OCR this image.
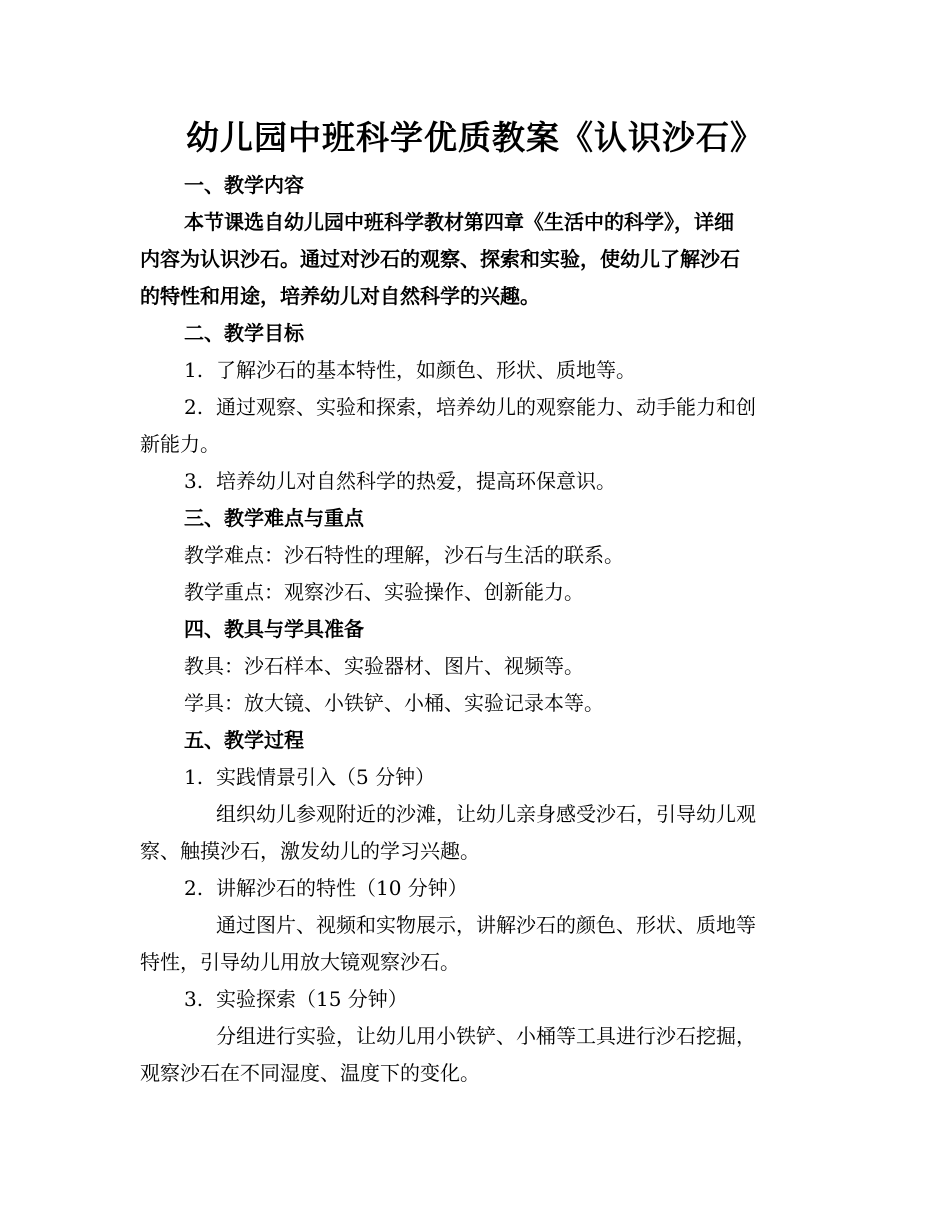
幼儿园中班科学优质教案《认识沙石》
一、教学内容
本节课选自幼儿园中班科学教材第四章《生活中的科学》，详细
内容为认识沙石。通过对沙石的观察、探索和实验，使幼儿了解沙石
的特性和用途，培养幼儿对自然科学的兴趣。
二、教学目标
1. 了解沙石的基本特性，如颜色、形状、质地等。
2. 通过观察、实验和探索，培养幼儿的观察能力、动手能力和创
新能力。
3. 培养幼儿对自然科学的热爱，提高环保意识。
三、教学难点与重点
教学难点：沙石特性的理解，沙石与生活的联系。
教学重点：观察沙石、实验操作、创新能力。
四、教具与学具准备
教具：沙石样本、实验器材、图片、视频等。
学具：放大镜、小铁铲、小桶、实验记录本等。
五、教学过程
1. 实践情景引入（5 分钟）
组织幼儿参观附近的沙滩，让幼儿亲身感受沙石，引导幼儿观
察、触摸沙石，激发幼儿的学习兴趣。
2. 讲解沙石的特性（10 分钟）
通过图片、视频和实物展示，讲解沙石的颜色、形状、质地等
特性，引导幼儿用放大镜观察沙石。
3. 实验探索（15 分钟）
分组进行实验，让幼儿用小铁铲、小桶等工具进行沙石挖掘，
观察沙石在不同湿度、温度下的变化。
